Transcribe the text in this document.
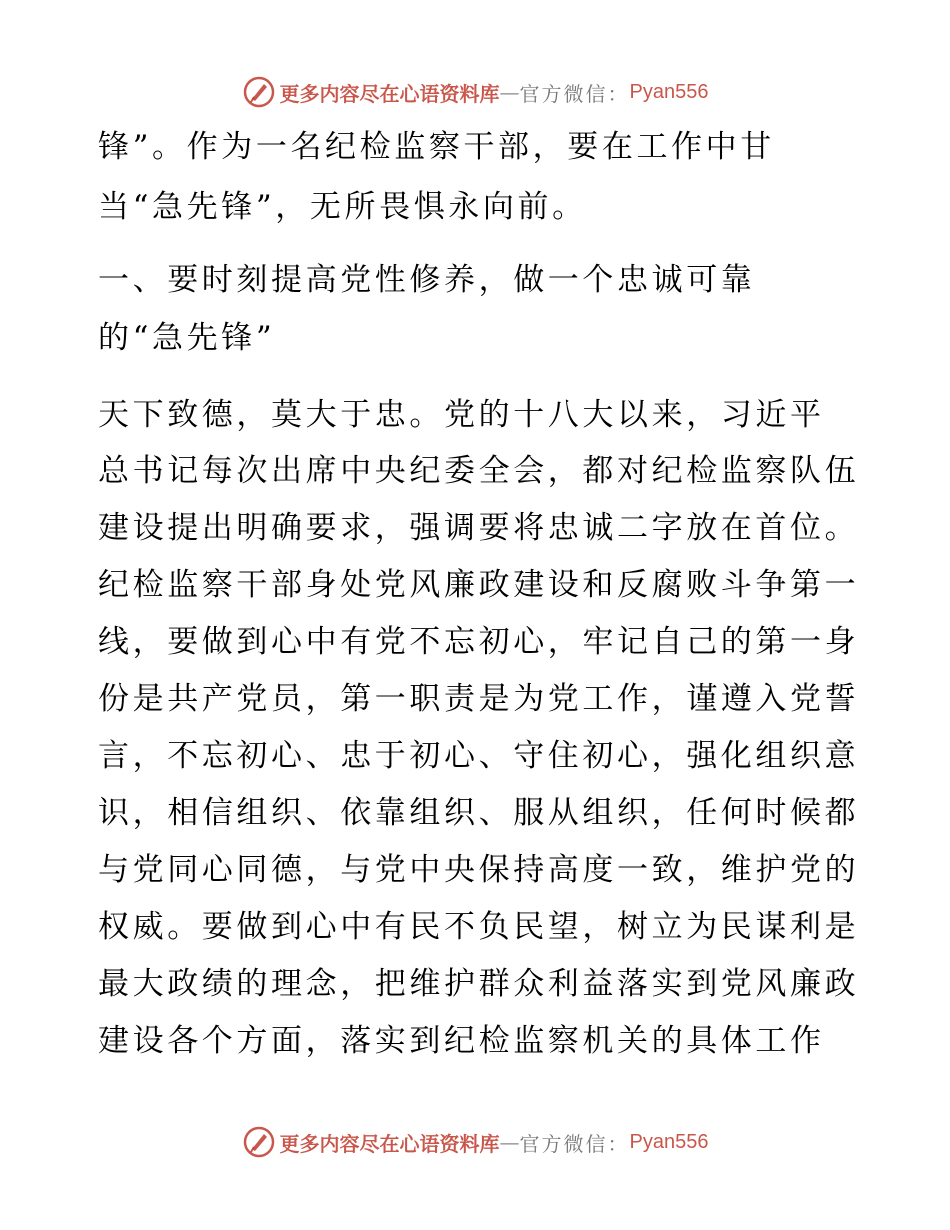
更多内容尽在心语资料库 — 官方微信： Pyan556
锋”。作为一名纪检监察干部，要在工作中甘
当“急先锋”，无所畏惧永向前。
一、要时刻提高党性修养，做一个忠诚可靠
的“急先锋”
天下致德，莫大于忠。党的十八大以来，习近平
总书记每次出席中央纪委全会，都对纪检监察队伍
建设提出明确要求，强调要将忠诚二字放在首位。
纪检监察干部身处党风廉政建设和反腐败斗争第一
线，要做到心中有党不忘初心，牢记自己的第一身
份是共产党员，第一职责是为党工作，谨遵入党誓
言，不忘初心、忠于初心、守住初心，强化组织意
识，相信组织、依靠组织、服从组织，任何时候都
与党同心同德，与党中央保持高度一致，维护党的
权威。要做到心中有民不负民望，树立为民谋利是
最大政绩的理念，把维护群众利益落实到党风廉政
建设各个方面，落实到纪检监察机关的具体工作
更多内容尽在心语资料库 — 官方微信： Pyan556
